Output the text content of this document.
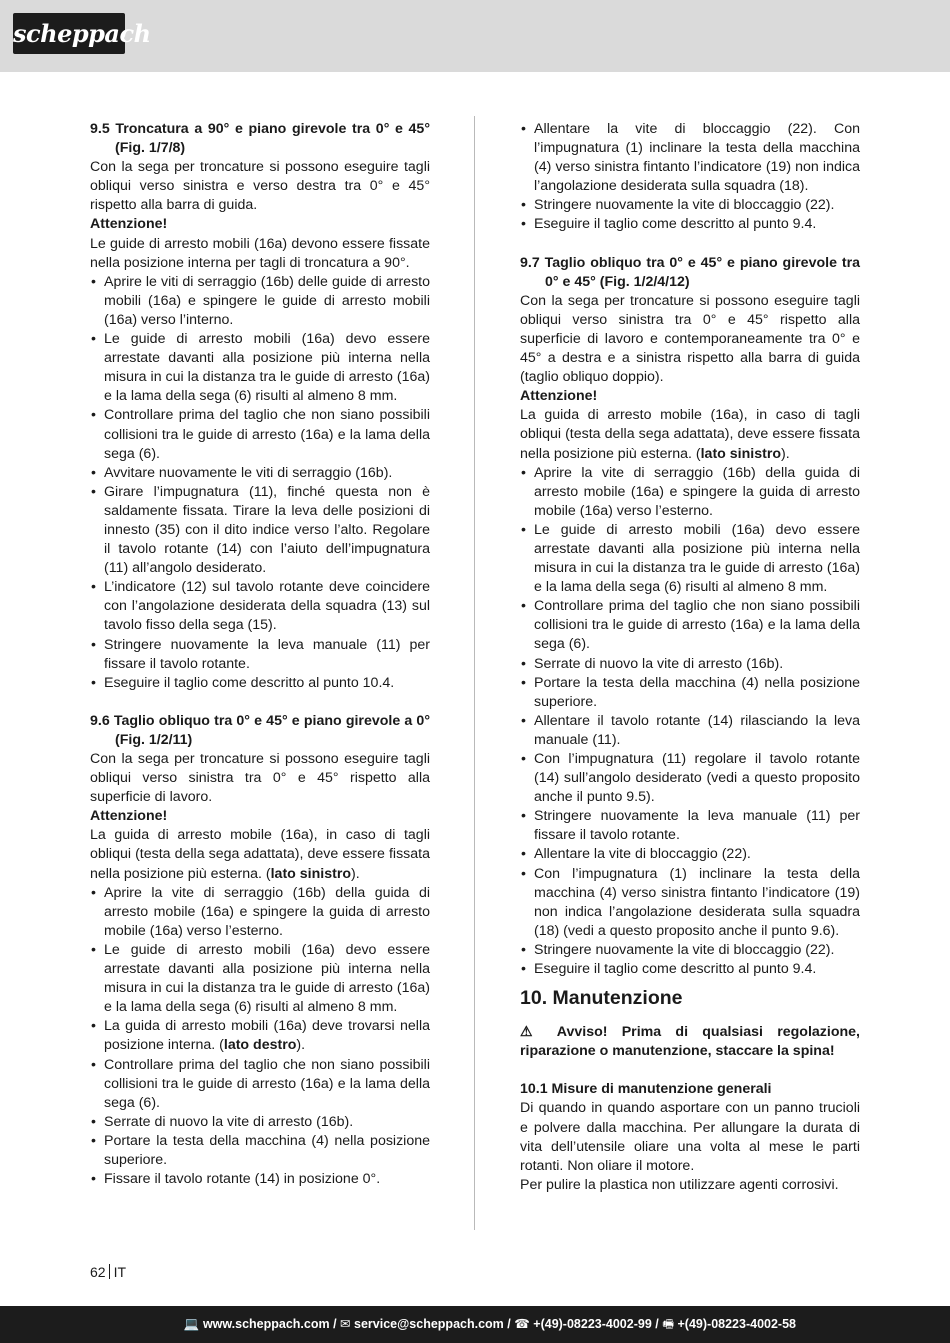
scheppach

9.5 Troncatura a 90° e piano girevole tra 0° e 45° (Fig. 1/7/8)

Con la sega per troncature si possono eseguire tagli obliqui verso sinistra e verso destra tra 0° e 45° rispetto alla barra di guida.

Attenzione!

Le guide di arresto mobili (16a) devono essere fissate nella posizione interna per tagli di troncatura a 90°.

• Aprire le viti di serraggio (16b) delle guide di arresto mobili (16a) e spingere le guide di arresto mobili (16a) verso l’interno.
• Le guide di arresto mobili (16a) devo essere arrestate davanti alla posizione più interna nella misura in cui la distanza tra le guide di arresto (16a) e la lama della sega (6) risulti al almeno 8 mm.
• Controllare prima del taglio che non siano possibili collisioni tra le guide di arresto (16a) e la lama della sega (6).
• Avvitare nuovamente le viti di serraggio (16b).
• Girare l’impugnatura (11), finché questa non è saldamente fissata. Tirare la leva delle posizioni di innesto (35) con il dito indice verso l’alto. Regolare il tavolo rotante (14) con l’aiuto dell’impugnatura (11) all’angolo desiderato.
• L’indicatore (12) sul tavolo rotante deve coincidere con l’angolazione desiderata della squadra (13) sul tavolo fisso della sega (15).
• Stringere nuovamente la leva manuale (11) per fissare il tavolo rotante.
• Eseguire il taglio come descritto al punto 10.4.

9.6 Taglio obliquo tra 0° e 45° e piano girevole a 0° (Fig. 1/2/11)

Con la sega per troncature si possono eseguire tagli obliqui verso sinistra tra 0° e 45° rispetto alla superficie di lavoro.

Attenzione!

La guida di arresto mobile (16a), in caso di tagli obliqui (testa della sega adattata), deve essere fissata nella posizione più esterna. (lato sinistro).

• Aprire la vite di serraggio (16b) della guida di arresto mobile (16a) e spingere la guida di arresto mobile (16a) verso l’esterno.
• Le guide di arresto mobili (16a) devo essere arrestate davanti alla posizione più interna nella misura in cui la distanza tra le guide di arresto (16a) e la lama della sega (6) risulti al almeno 8 mm.
• La guida di arresto mobili (16a) deve trovarsi nella posizione interna. (lato destro).
• Controllare prima del taglio che non siano possibili collisioni tra le guide di arresto (16a) e la lama della sega (6).
• Serrate di nuovo la vite di arresto (16b).
• Portare la testa della macchina (4) nella posizione superiore.
• Fissare il tavolo rotante (14) in posizione 0°.
• Allentare la vite di bloccaggio (22). Con l’impugnatura (1) inclinare la testa della macchina (4) verso sinistra fintanto l’indicatore (19) non indica l’angolazione desiderata sulla squadra (18).
• Stringere nuovamente la vite di bloccaggio (22).
• Eseguire il taglio come descritto al punto 9.4.

9.7 Taglio obliquo tra 0° e 45° e piano girevole tra 0° e 45° (Fig. 1/2/4/12)

Con la sega per troncature si possono eseguire tagli obliqui verso sinistra tra 0° e 45° rispetto alla superficie di lavoro e contemporaneamente tra 0° e 45° a destra e a sinistra rispetto alla barra di guida (taglio obliquo doppio).

Attenzione!

La guida di arresto mobile (16a), in caso di tagli obliqui (testa della sega adattata), deve essere fissata nella posizione più esterna. (lato sinistro).

• Aprire la vite di serraggio (16b) della guida di arresto mobile (16a) e spingere la guida di arresto mobile (16a) verso l’esterno.
• Le guide di arresto mobili (16a) devo essere arrestate davanti alla posizione più interna nella misura in cui la distanza tra le guide di arresto (16a) e la lama della sega (6) risulti al almeno 8 mm.
• Controllare prima del taglio che non siano possibili collisioni tra le guide di arresto (16a) e la lama della sega (6).
• Serrate di nuovo la vite di arresto (16b).
• Portare la testa della macchina (4) nella posizione superiore.
• Allentare il tavolo rotante (14) rilasciando la leva manuale (11).
• Con l’impugnatura (11) regolare il tavolo rotante (14) sull’angolo desiderato (vedi a questo proposito anche il punto 9.5).
• Stringere nuovamente la leva manuale (11) per fissare il tavolo rotante.
• Allentare la vite di bloccaggio (22).
• Con l’impugnatura (1) inclinare la testa della macchina (4) verso sinistra fintanto l’indicatore (19) non indica l’angolazione desiderata sulla squadra (18) (vedi a questo proposito anche il punto 9.6).
• Stringere nuovamente la vite di bloccaggio (22).
• Eseguire il taglio come descritto al punto 9.4.
10. Manutenzione

⚠ Avviso! Prima di qualsiasi regolazione, riparazione o manutenzione, staccare la spina!

10.1 Misure di manutenzione generali

Di quando in quando asportare con un panno trucioli e polvere dalla macchina. Per allungare la durata di vita dell’utensile oliare una volta al mese le parti rotanti. Non oliare il motore.

Per pulire la plastica non utilizzare agenti corrosivi.

62 IT
💻 www.scheppach.com / ✉ service@scheppach.com / ☎ +(49)-08223-4002-99 / 🖷 +(49)-08223-4002-58
